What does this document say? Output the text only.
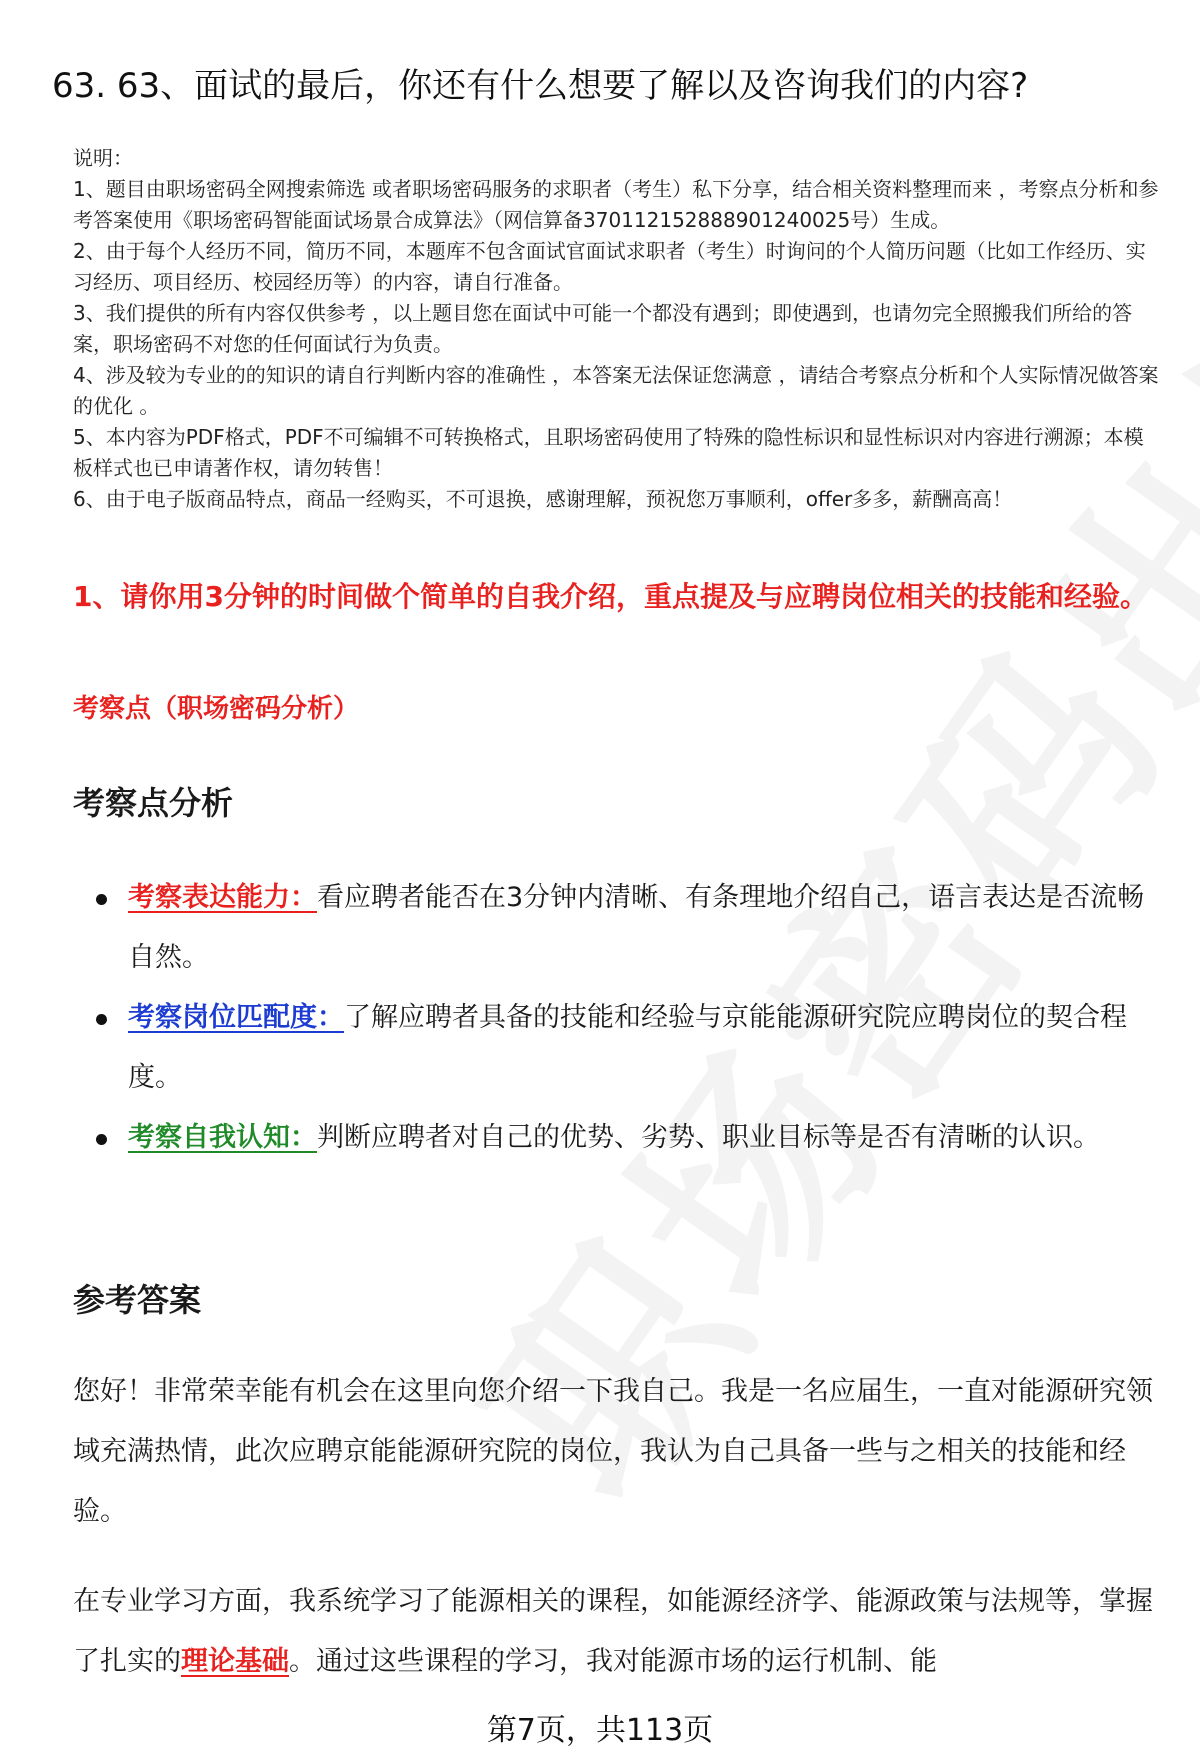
63. 63、面试的最后，你还有什么想要了解以及咨询我们的内容?
说明：
1、题目由职场密码全网搜索筛选 或者职场密码服务的求职者（考生）私下分享，结合相关资料整理而来 ，考察点分析和参考答案使用《职场密码智能面试场景合成算法》（网信算备370112152888901240025号）生成。
2、由于每个人经历不同，简历不同，本题库不包含面试官面试求职者（考生）时询问的个人简历问题（比如工作经历、实习经历、项目经历、校园经历等）的内容，请自行准备。
3、我们提供的所有内容仅供参考 ，以上题目您在面试中可能一个都没有遇到；即使遇到，也请勿完全照搬我们所给的答案，职场密码不对您的任何面试行为负责。
4、涉及较为专业的的知识的请自行判断内容的准确性 ，本答案无法保证您满意 ，请结合考察点分析和个人实际情况做答案的优化 。
5、本内容为PDF格式，PDF不可编辑不可转换格式，且职场密码使用了特殊的隐性标识和显性标识对内容进行溯源；本模板样式也已申请著作权，请勿转售！
6、由于电子版商品特点，商品一经购买，不可退换，感谢理解，预祝您万事顺利，offer多多，薪酬高高！
1、请你用3分钟的时间做个简单的自我介绍，重点提及与应聘岗位相关的技能和经验。
考察点（职场密码分析）
考察点分析
考察表达能力：看应聘者能否在3分钟内清晰、有条理地介绍自己，语言表达是否流畅自然。
考察岗位匹配度：了解应聘者具备的技能和经验与京能能源研究院应聘岗位的契合程度。
考察自我认知：判断应聘者对自己的优势、劣势、职业目标等是否有清晰的认识。
参考答案
您好！非常荣幸能有机会在这里向您介绍一下我自己。我是一名应届生，一直对能源研究领域充满热情，此次应聘京能能源研究院的岗位，我认为自己具备一些与之相关的技能和经验。
在专业学习方面，我系统学习了能源相关的课程，如能源经济学、能源政策与法规等，掌握了扎实的理论基础。通过这些课程的学习，我对能源市场的运行机制、能
第7页，共113页
